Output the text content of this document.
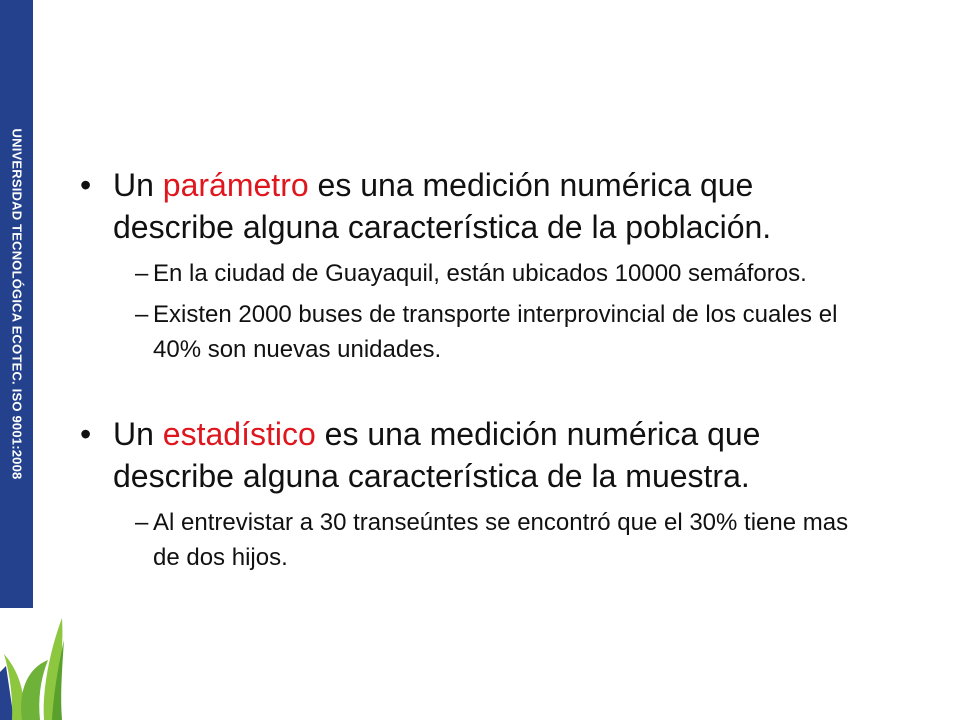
UNIVERSIDAD TECNOLÓGICA ECOTEC. ISO 9001:2008 • Un parámetro es una medición numérica que describe alguna característica de la población.
– En la ciudad de Guayaquil, están ubicados 10000 semáforos.
– Existen 2000 buses de transporte interprovincial de los cuales el 40% son nuevas unidades.
• Un estadístico es una medición numérica que describe alguna característica de la muestra.
– Al entrevistar a 30 transeúntes se encontró que el 30% tiene mas de dos hijos.
